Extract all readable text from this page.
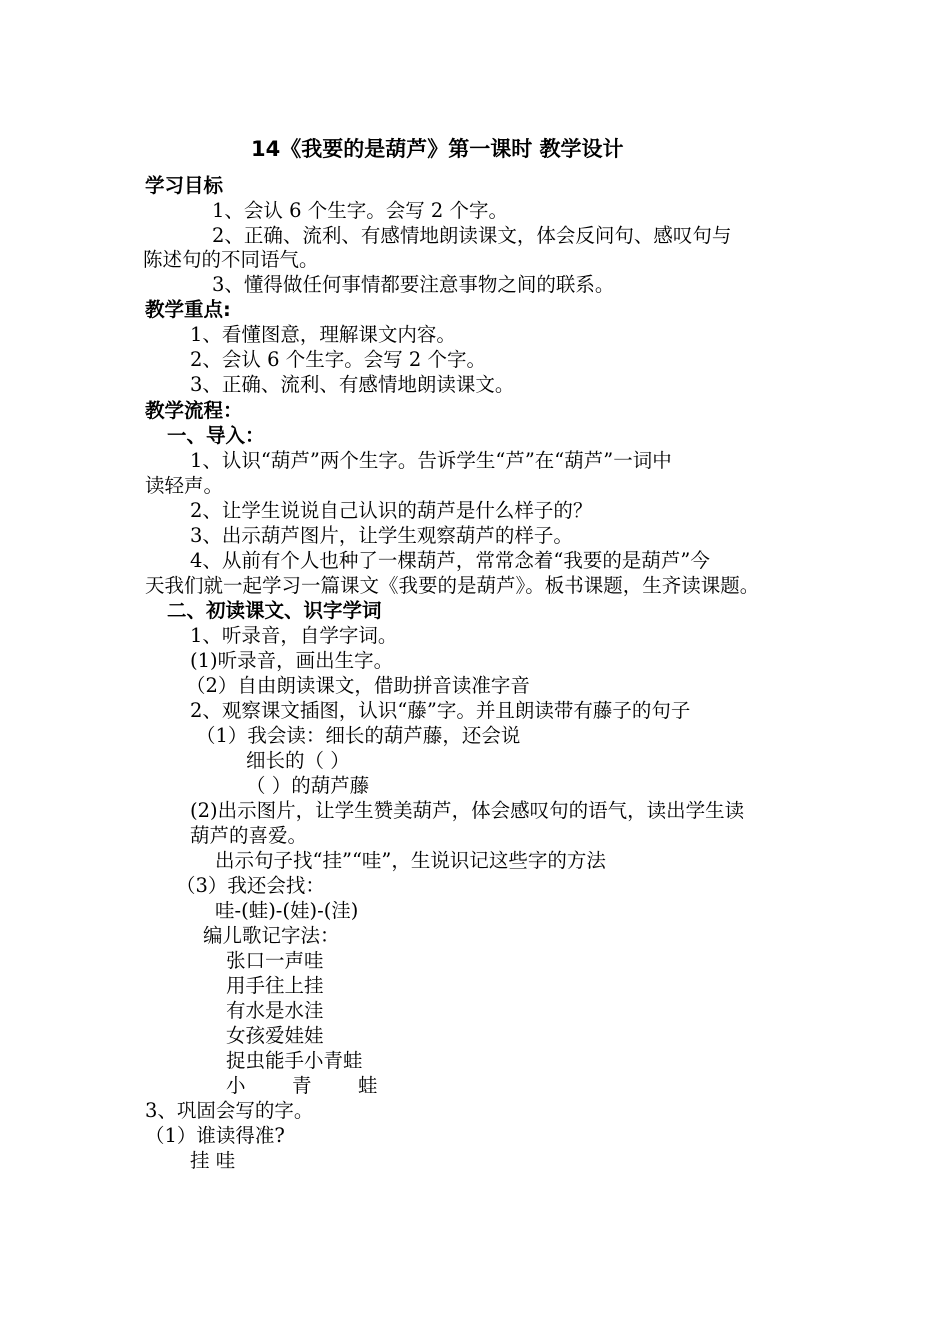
14《我要的是葫芦》第一课时 教学设计
学习目标
1、会认 6 个生字。会写 2 个字。
2、正确、流利、有感情地朗读课文，体会反问句、感叹句与
陈述句的不同语气。
3、懂得做任何事情都要注意事物之间的联系。
教学重点:
1、看懂图意，理解课文内容。
2、会认 6 个生字。会写 2 个字。
3、正确、流利、有感情地朗读课文。
教学流程：
一、导入：
1、认识“葫芦”两个生字。告诉学生“芦”在“葫芦”一词中
读轻声。
2、让学生说说自己认识的葫芦是什么样子的？
3、出示葫芦图片，让学生观察葫芦的样子。
4、从前有个人也种了一棵葫芦，常常念着“我要的是葫芦”今
天我们就一起学习一篇课文《我要的是葫芦》。板书课题，生齐读课题。
二、初读课文、识字学词
1、听录音，自学字词。
(1)听录音，画出生字。
（2）自由朗读课文，借助拼音读准字音
2、观察课文插图，认识“藤”字。并且朗读带有藤子的句子
（1）我会读：细长的葫芦藤，还会说
细长的（ ）
（ ）的葫芦藤
(2)出示图片，让学生赞美葫芦，体会感叹句的语气，读出学生读
葫芦的喜爱。
出示句子找“挂”“哇”，生说识记这些字的方法
（3）我还会找：
哇-(蛙)-(娃)-(洼)
编儿歌记字法：
张口一声哇
用手往上挂
有水是水洼
女孩爱娃娃
捉虫能手小青蛙
小 青 蛙
3、巩固会写的字。
（1）谁读得准?
挂 哇
